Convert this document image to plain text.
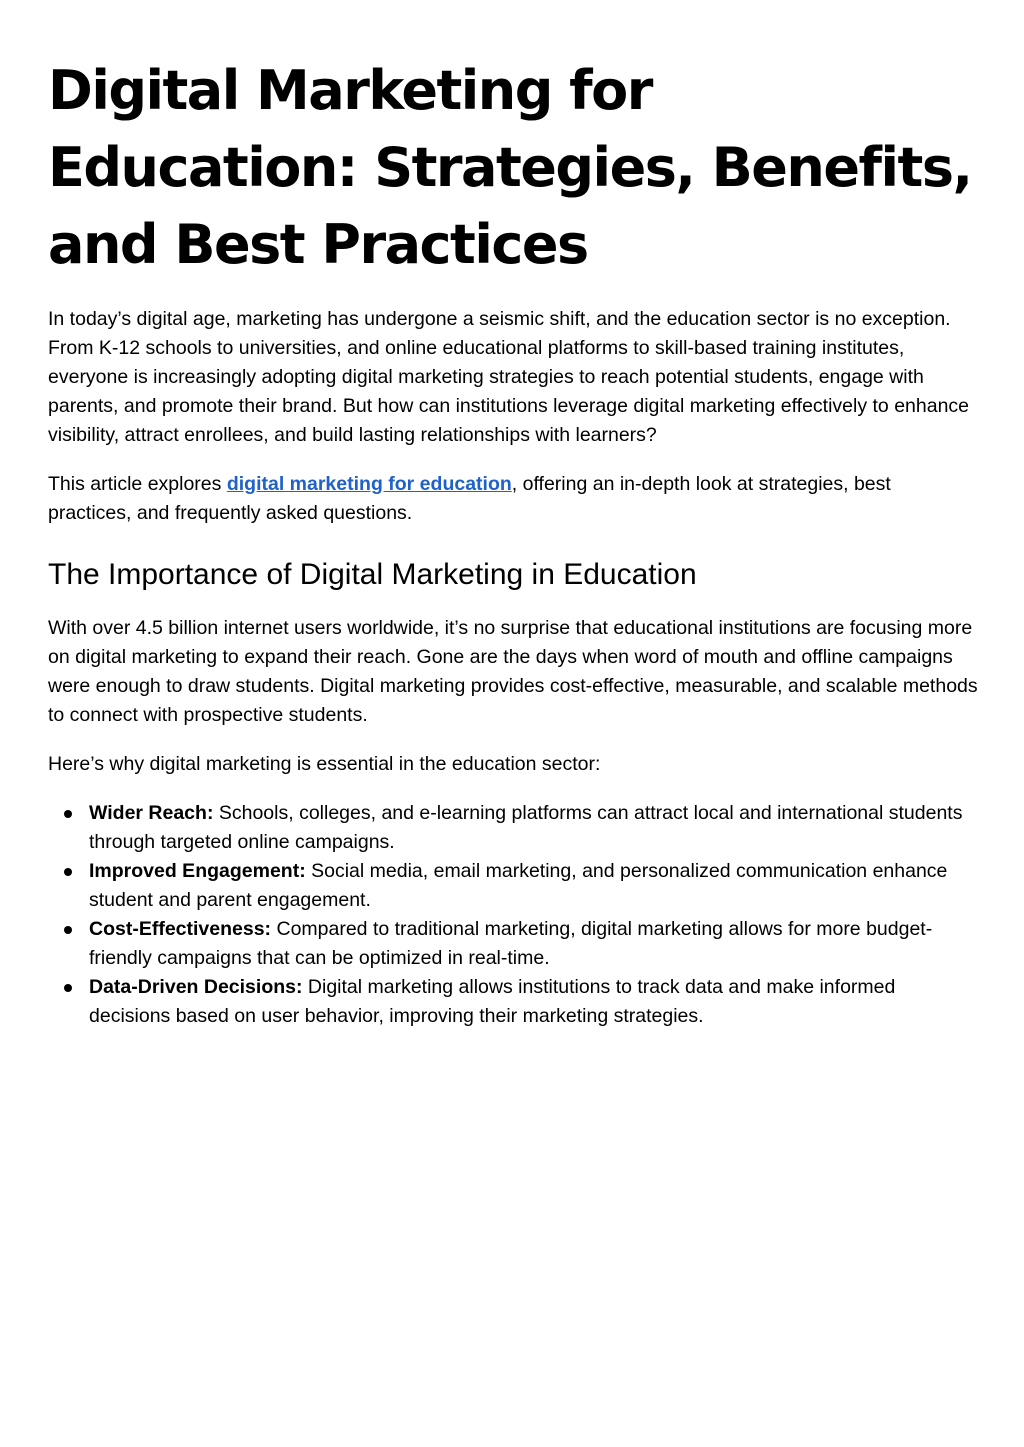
Digital Marketing for Education: Strategies, Benefits, and Best Practices

In today’s digital age, marketing has undergone a seismic shift, and the education sector is no exception. From K-12 schools to universities, and online educational platforms to skill-based training institutes, everyone is increasingly adopting digital marketing strategies to reach potential students, engage with parents, and promote their brand. But how can institutions leverage digital marketing effectively to enhance visibility, attract enrollees, and build lasting relationships with learners?

This article explores digital marketing for education, offering an in-depth look at strategies, best practices, and frequently asked questions.

The Importance of Digital Marketing in Education

With over 4.5 billion internet users worldwide, it’s no surprise that educational institutions are focusing more on digital marketing to expand their reach. Gone are the days when word of mouth and offline campaigns were enough to draw students. Digital marketing provides cost-effective, measurable, and scalable methods to connect with prospective students.

Here’s why digital marketing is essential in the education sector:

Wider Reach: Schools, colleges, and e-learning platforms can attract local and international students through targeted online campaigns.
Improved Engagement: Social media, email marketing, and personalized communication enhance student and parent engagement.
Cost-Effectiveness: Compared to traditional marketing, digital marketing allows for more budget-friendly campaigns that can be optimized in real-time.
Data-Driven Decisions: Digital marketing allows institutions to track data and make informed decisions based on user behavior, improving their marketing strategies.
